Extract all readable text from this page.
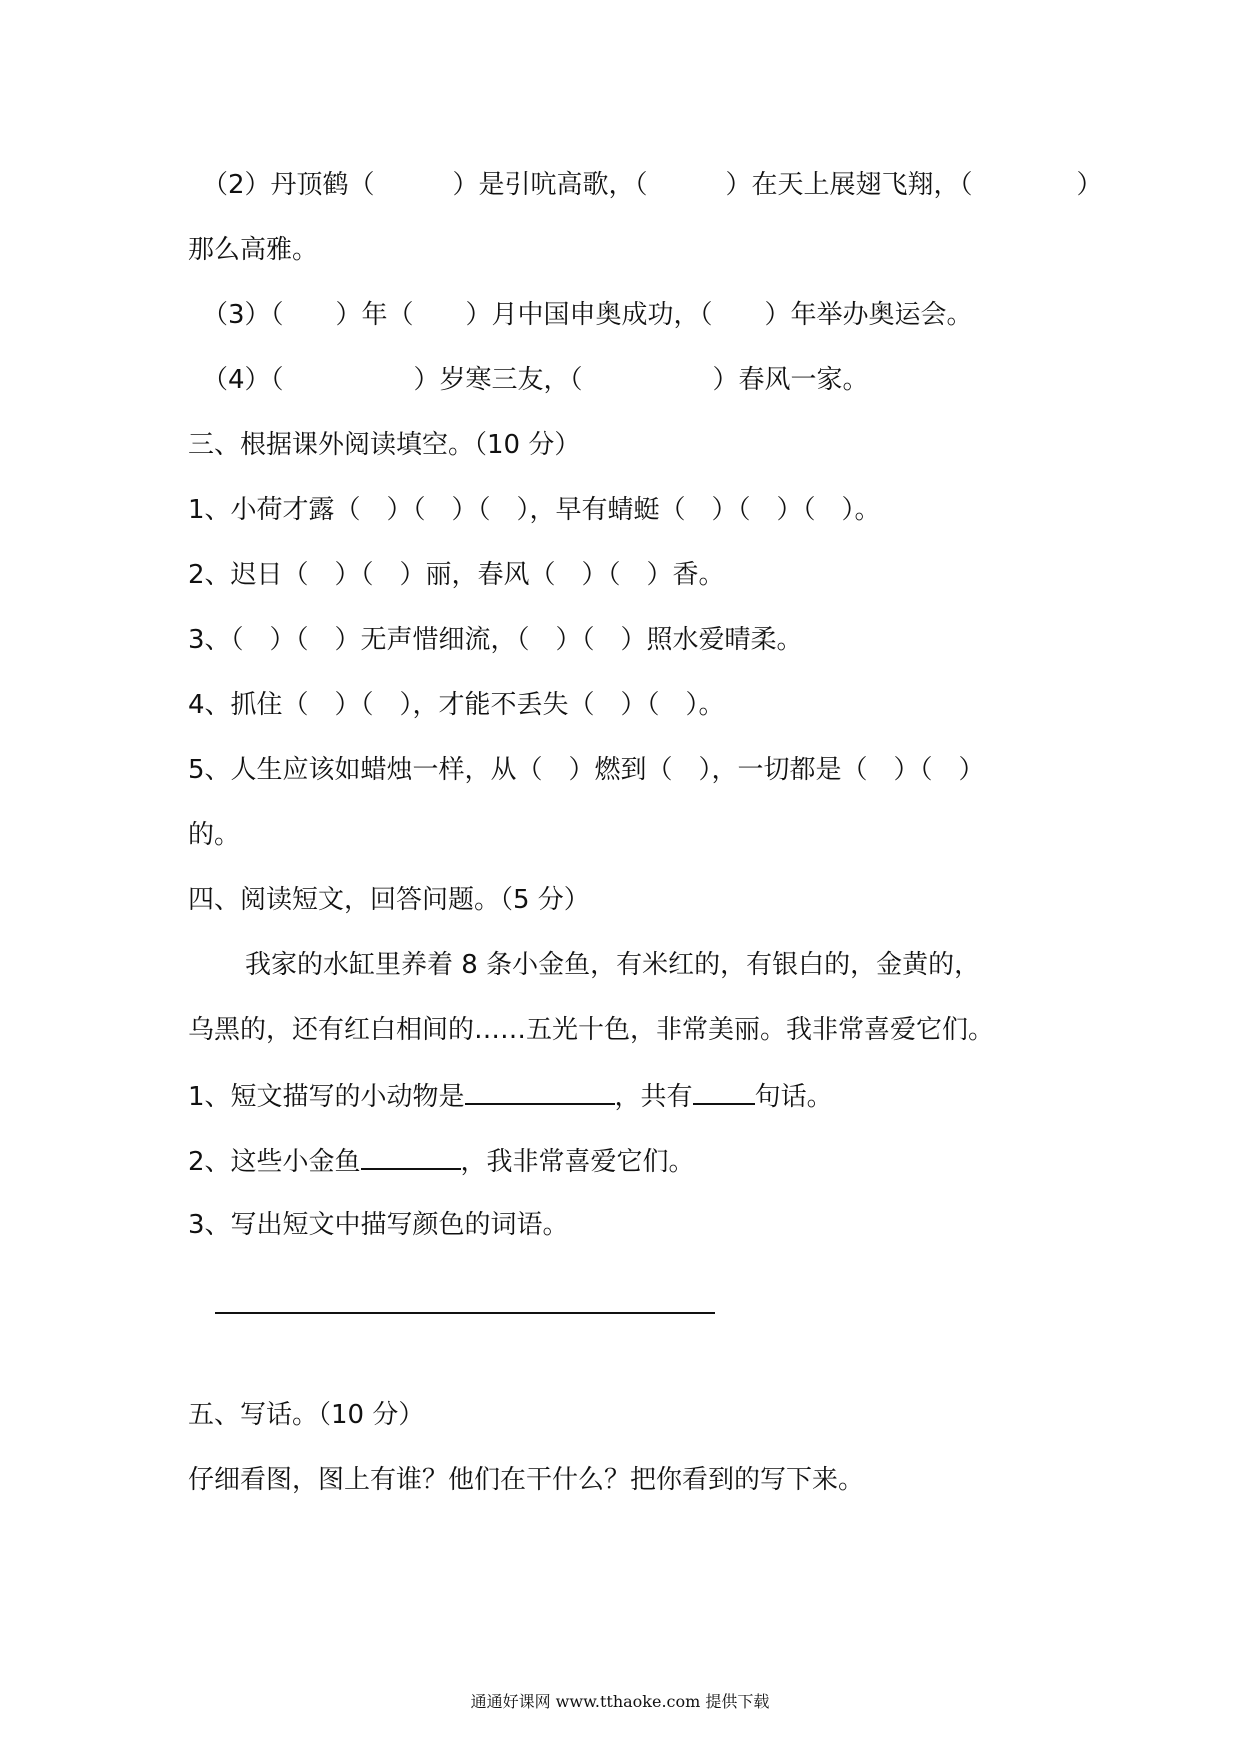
（2）丹顶鹤（　　　）是引吭高歌，（　　　）在天上展翅飞翔，（　　　　）

那么高雅。

（3）（　　）年（　　）月中国申奥成功，（　　）年举办奥运会。

（4）（　　　　　）岁寒三友，（　　　　　）春风一家。

三、根据课外阅读填空。（10 分）

1、小荷才露（　）（　）（　），早有蜻蜓（　）（　）（　）。

2、迟日（　）（　）丽，春风（　）（　）香。

3、（　）（　）无声惜细流，（　）（　）照水爱晴柔。

4、抓住（　）（　），才能不丢失（　）（　）。

5、人生应该如蜡烛一样，从（　）燃到（　），一切都是（　）（　）

的。

四、阅读短文，回答问题。（5 分）

我家的水缸里养着 8 条小金鱼，有米红的，有银白的，金黄的，

乌黑的，还有红白相间的……五光十色，非常美丽。我非常喜爱它们。

1、短文描写的小动物是	，共有 句话。

2、这些小金鱼	，我非常喜爱它们。

3、写出短文中描写颜色的词语。

五、写话。（10 分）

仔细看图，图上有谁？他们在干什么？把你看到的写下来。

通通好课网 www.tthaoke.com 提供下载
